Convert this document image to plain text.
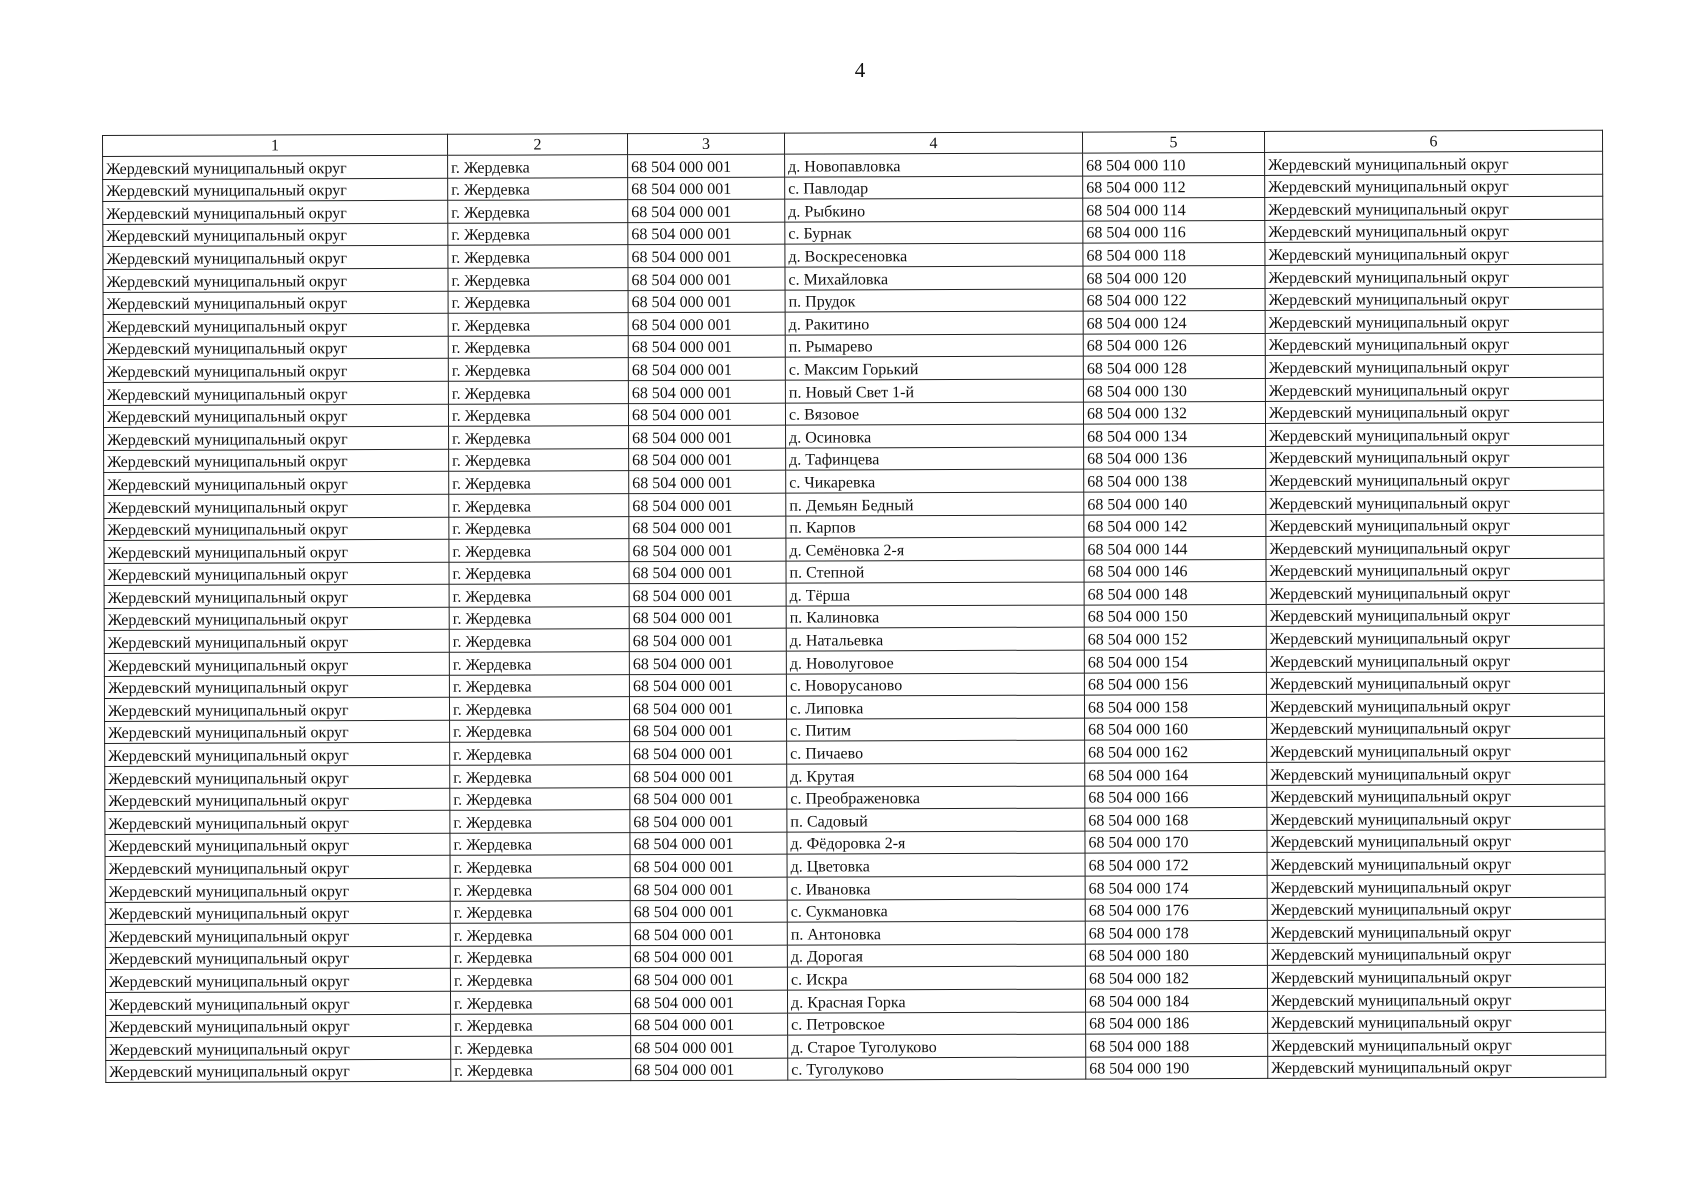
4
1	2	3	4	5	6
Жердевский муниципальный округ	г. Жердевка	68 504 000 001	д. Новопавловка	68 504 000 110	Жердевский муниципальный округ
Жердевский муниципальный округ	г. Жердевка	68 504 000 001	с. Павлодар	68 504 000 112	Жердевский муниципальный округ
Жердевский муниципальный округ	г. Жердевка	68 504 000 001	д. Рыбкино	68 504 000 114	Жердевский муниципальный округ
Жердевский муниципальный округ	г. Жердевка	68 504 000 001	с. Бурнак	68 504 000 116	Жердевский муниципальный округ
Жердевский муниципальный округ	г. Жердевка	68 504 000 001	д. Воскресеновка	68 504 000 118	Жердевский муниципальный округ
Жердевский муниципальный округ	г. Жердевка	68 504 000 001	с. Михайловка	68 504 000 120	Жердевский муниципальный округ
Жердевский муниципальный округ	г. Жердевка	68 504 000 001	п. Прудок	68 504 000 122	Жердевский муниципальный округ
Жердевский муниципальный округ	г. Жердевка	68 504 000 001	д. Ракитино	68 504 000 124	Жердевский муниципальный округ
Жердевский муниципальный округ	г. Жердевка	68 504 000 001	п. Рымарево	68 504 000 126	Жердевский муниципальный округ
Жердевский муниципальный округ	г. Жердевка	68 504 000 001	с. Максим Горький	68 504 000 128	Жердевский муниципальный округ
Жердевский муниципальный округ	г. Жердевка	68 504 000 001	п. Новый Свет 1-й	68 504 000 130	Жердевский муниципальный округ
Жердевский муниципальный округ	г. Жердевка	68 504 000 001	с. Вязовое	68 504 000 132	Жердевский муниципальный округ
Жердевский муниципальный округ	г. Жердевка	68 504 000 001	д. Осиновка	68 504 000 134	Жердевский муниципальный округ
Жердевский муниципальный округ	г. Жердевка	68 504 000 001	д. Тафинцева	68 504 000 136	Жердевский муниципальный округ
Жердевский муниципальный округ	г. Жердевка	68 504 000 001	с. Чикаревка	68 504 000 138	Жердевский муниципальный округ
Жердевский муниципальный округ	г. Жердевка	68 504 000 001	п. Демьян Бедный	68 504 000 140	Жердевский муниципальный округ
Жердевский муниципальный округ	г. Жердевка	68 504 000 001	п. Карпов	68 504 000 142	Жердевский муниципальный округ
Жердевский муниципальный округ	г. Жердевка	68 504 000 001	д. Семёновка 2-я	68 504 000 144	Жердевский муниципальный округ
Жердевский муниципальный округ	г. Жердевка	68 504 000 001	п. Степной	68 504 000 146	Жердевский муниципальный округ
Жердевский муниципальный округ	г. Жердевка	68 504 000 001	д. Тёрша	68 504 000 148	Жердевский муниципальный округ
Жердевский муниципальный округ	г. Жердевка	68 504 000 001	п. Калиновка	68 504 000 150	Жердевский муниципальный округ
Жердевский муниципальный округ	г. Жердевка	68 504 000 001	д. Натальевка	68 504 000 152	Жердевский муниципальный округ
Жердевский муниципальный округ	г. Жердевка	68 504 000 001	д. Новолуговое	68 504 000 154	Жердевский муниципальный округ
Жердевский муниципальный округ	г. Жердевка	68 504 000 001	с. Новорусаново	68 504 000 156	Жердевский муниципальный округ
Жердевский муниципальный округ	г. Жердевка	68 504 000 001	с. Липовка	68 504 000 158	Жердевский муниципальный округ
Жердевский муниципальный округ	г. Жердевка	68 504 000 001	с. Питим	68 504 000 160	Жердевский муниципальный округ
Жердевский муниципальный округ	г. Жердевка	68 504 000 001	с. Пичаево	68 504 000 162	Жердевский муниципальный округ
Жердевский муниципальный округ	г. Жердевка	68 504 000 001	д. Крутая	68 504 000 164	Жердевский муниципальный округ
Жердевский муниципальный округ	г. Жердевка	68 504 000 001	с. Преображеновка	68 504 000 166	Жердевский муниципальный округ
Жердевский муниципальный округ	г. Жердевка	68 504 000 001	п. Садовый	68 504 000 168	Жердевский муниципальный округ
Жердевский муниципальный округ	г. Жердевка	68 504 000 001	д. Фёдоровка 2-я	68 504 000 170	Жердевский муниципальный округ
Жердевский муниципальный округ	г. Жердевка	68 504 000 001	д. Цветовка	68 504 000 172	Жердевский муниципальный округ
Жердевский муниципальный округ	г. Жердевка	68 504 000 001	с. Ивановка	68 504 000 174	Жердевский муниципальный округ
Жердевский муниципальный округ	г. Жердевка	68 504 000 001	с. Сукмановка	68 504 000 176	Жердевский муниципальный округ
Жердевский муниципальный округ	г. Жердевка	68 504 000 001	п. Антоновка	68 504 000 178	Жердевский муниципальный округ
Жердевский муниципальный округ	г. Жердевка	68 504 000 001	д. Дорогая	68 504 000 180	Жердевский муниципальный округ
Жердевский муниципальный округ	г. Жердевка	68 504 000 001	с. Искра	68 504 000 182	Жердевский муниципальный округ
Жердевский муниципальный округ	г. Жердевка	68 504 000 001	д. Красная Горка	68 504 000 184	Жердевский муниципальный округ
Жердевский муниципальный округ	г. Жердевка	68 504 000 001	с. Петровское	68 504 000 186	Жердевский муниципальный округ
Жердевский муниципальный округ	г. Жердевка	68 504 000 001	д. Старое Туголуково	68 504 000 188	Жердевский муниципальный округ
Жердевский муниципальный округ	г. Жердевка	68 504 000 001	с. Туголуково	68 504 000 190	Жердевский муниципальный округ
